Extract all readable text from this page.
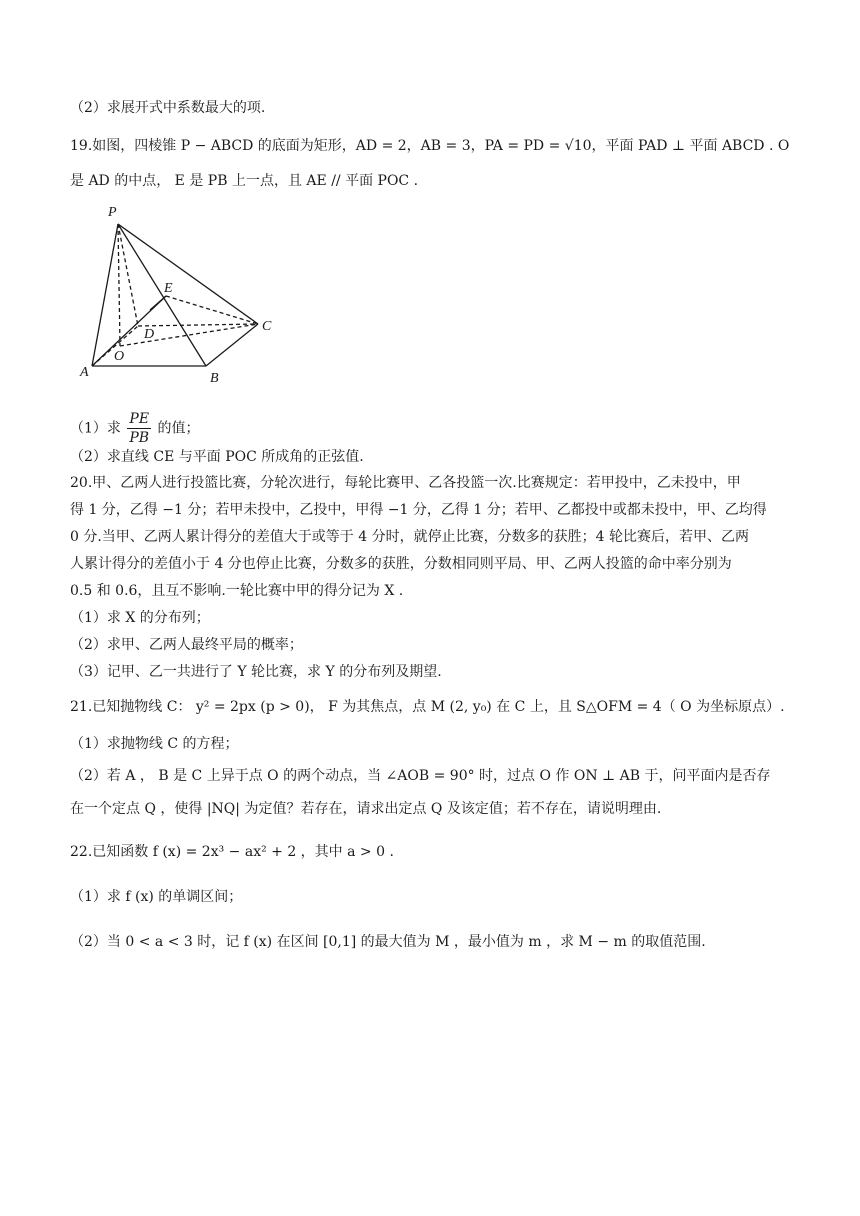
（2）求展开式中系数最大的项.
19.如图，四棱锥 P − ABCD 的底面为矩形，AD = 2，AB = 3，PA = PD = √10，平面 PAD ⊥ 平面 ABCD . O
是 AD 的中点， E 是 PB 上一点，且 AE // 平面 POC .
P
E
D
O
A	B
C
（1）求 $\frac{PE}{PB}$ 的值；
（2）求直线 CE 与平面 POC 所成角的正弦值.
20.甲、乙两人进行投篮比赛，分轮次进行，每轮比赛甲、乙各投篮一次.比赛规定：若甲投中，乙未投中，甲
得 1 分，乙得 −1 分；若甲未投中，乙投中，甲得 −1 分，乙得 1 分；若甲、乙都投中或都未投中，甲、乙均得
0 分.当甲、乙两人累计得分的差值大于或等于 4 分时，就停止比赛，分数多的获胜；4 轮比赛后，若甲、乙两
人累计得分的差值小于 4 分也停止比赛，分数多的获胜，分数相同则平局、甲、乙两人投篮的命中率分别为
0.5 和 0.6，且互不影响.一轮比赛中甲的得分记为 X .
（1）求 X 的分布列；
（2）求甲、乙两人最终平局的概率；
（3）记甲、乙一共进行了 Y 轮比赛，求 Y 的分布列及期望.
21.已知抛物线 C： y² = 2px (p > 0)， F 为其焦点，点 M (2, y₀) 在 C 上，且 S△OFM = 4（ O 为坐标原点）.
（1）求抛物线 C 的方程；
（2）若 A ， B 是 C 上异于点 O 的两个动点，当 ∠AOB = 90° 时，过点 O 作 ON ⊥ AB 于，问平面内是否存
在一个定点 Q ，使得 |NQ| 为定值？若存在，请求出定点 Q 及该定值；若不存在，请说明理由.
22.已知函数 f (x) = 2x³ − ax² + 2 ，其中 a > 0 .
（1）求 f (x) 的单调区间；
（2）当 0 < a < 3 时，记 f (x) 在区间 [0,1] 的最大值为 M ，最小值为 m ，求 M − m 的取值范围.
